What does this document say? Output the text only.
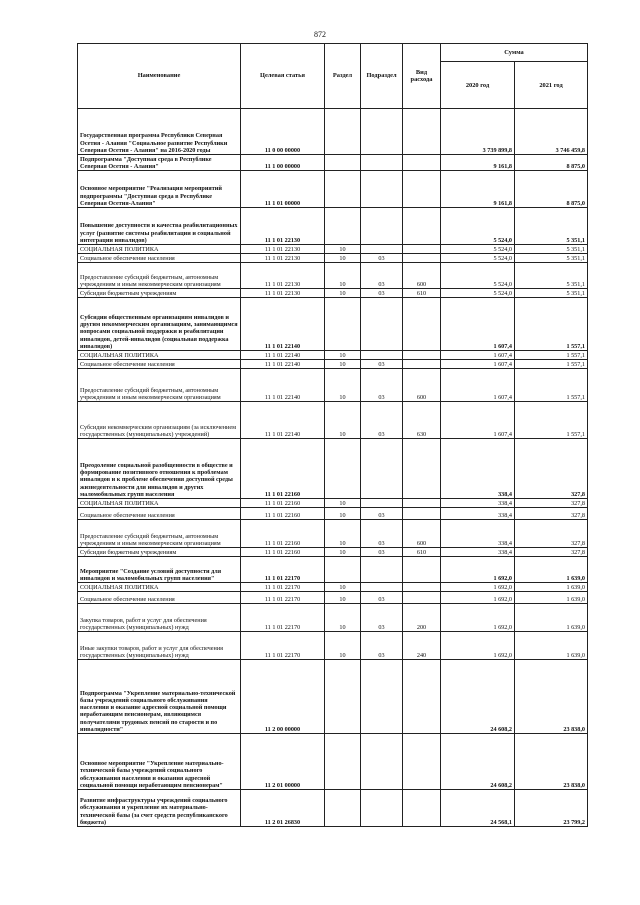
872
Наименование	Целевая статья	Раздел	Подраздел	Вид расхода	Сумма	
					2020 год	2021 год
Государственная программа Республики Северная Осетия - Алания "Социальное развитие Республики Северная Осетия - Алания" на 2016-2020 годы	11 0 00 00000				3 739 899,8	3 746 459,8
Подпрограмма "Доступная среда в Республике Северная Осетия - Алания"	11 1 00 00000				9 161,8	8 875,0
Основное мероприятие "Реализация мероприятий подпрограммы "Доступная среда в Республике Северная Осетия-Алания"	11 1 01 00000				9 161,8	8 875,0
Повышение доступности и качества реабилитационных услуг (развитие системы реабилитации и социальной интеграции инвалидов)	11 1 01 22130				5 524,0	5 351,1
СОЦИАЛЬНАЯ ПОЛИТИКА	11 1 01 22130	10			5 524,0	5 351,1
Социальное обеспечение населения	11 1 01 22130	10	03		5 524,0	5 351,1
Предоставление субсидий бюджетным, автономным учреждениям и иным некоммерческим организациям	11 1 01 22130	10	03	600	5 524,0	5 351,1
Субсидии бюджетным учреждениям	11 1 01 22130	10	03	610	5 524,0	5 351,1
Субсидии общественным организациям инвалидов и другим некоммерческим организациям, занимающимся вопросами социальной поддержки и реабилитации инвалидов, детей-инвалидов (социальная поддержка инвалидов)	11 1 01 22140				1 607,4	1 557,1
СОЦИАЛЬНАЯ ПОЛИТИКА	11 1 01 22140	10			1 607,4	1 557,1
Социальное обеспечение населения	11 1 01 22140	10	03		1 607,4	1 557,1
Предоставление субсидий бюджетным, автономным учреждениям и иным некоммерческим организациям	11 1 01 22140	10	03	600	1 607,4	1 557,1
Субсидии некоммерческим организациям (за исключением государственных (муниципальных) учреждений)	11 1 01 22140	10	03	630	1 607,4	1 557,1
Преодоление социальной разобщенности в обществе и формирование позитивного отношения к проблемам инвалидов и к проблеме обеспечения доступной среды жизнедеятельности для инвалидов и других маломобильных групп населения	11 1 01 22160				338,4	327,8
СОЦИАЛЬНАЯ ПОЛИТИКА	11 1 01 22160	10			338,4	327,8
Социальное обеспечение населения	11 1 01 22160	10	03		338,4	327,8
Предоставление субсидий бюджетным, автономным учреждениям и иным некоммерческим организациям	11 1 01 22160	10	03	600	338,4	327,8
Субсидии бюджетным учреждениям	11 1 01 22160	10	03	610	338,4	327,8
Мероприятие "Создание условий доступности для инвалидов и маломобильных групп населения"	11 1 01 22170				1 692,0	1 639,0
СОЦИАЛЬНАЯ ПОЛИТИКА	11 1 01 22170	10			1 692,0	1 639,0
Социальное обеспечение населения	11 1 01 22170	10	03		1 692,0	1 639,0
Закупка товаров, работ и услуг для обеспечения государственных (муниципальных) нужд	11 1 01 22170	10	03	200	1 692,0	1 639,0
Иные закупки товаров, работ и услуг для обеспечения государственных (муниципальных) нужд	11 1 01 22170	10	03	240	1 692,0	1 639,0
Подпрограмма "Укрепление материально-технической базы учреждений социального обслуживания населения и оказание адресной социальной помощи неработающим пенсионерам, являющимся получателями трудовых пенсий по старости и по инвалидности"	11 2 00 00000				24 608,2	23 838,0
Основное мероприятие "Укрепление материально-технической базы учреждений социального обслуживания населения и оказания адресной социальной помощи неработающим пенсионерам"	11 2 01 00000				24 608,2	23 838,0
Развитие инфраструктуры учреждений социального обслуживания и укрепление их материально-технической базы (за счет средств республиканского бюджета)	11 2 01 26830				24 568,1	23 799,2
